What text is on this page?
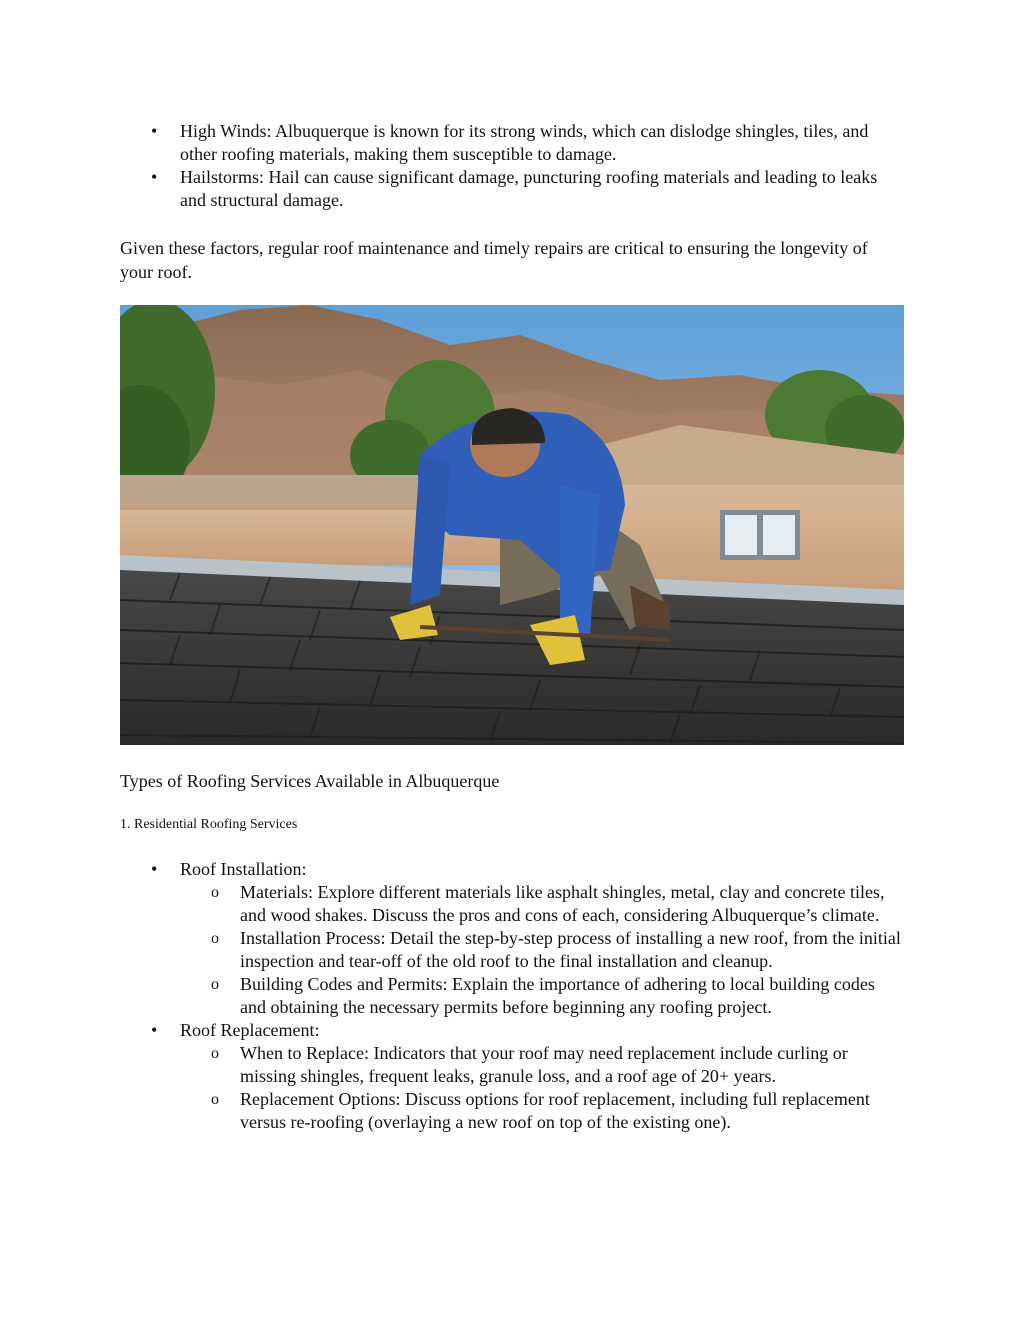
• High Winds: Albuquerque is known for its strong winds, which can dislodge shingles, tiles, and other roofing materials, making them susceptible to damage.
• Hailstorms: Hail can cause significant damage, puncturing roofing materials and leading to leaks and structural damage.

Given these factors, regular roof maintenance and timely repairs are critical to ensuring the longevity of your roof.

Types of Roofing Services Available in Albuquerque
1. Residential Roofing Services
• Roof Installation:
o Materials: Explore different materials like asphalt shingles, metal, clay and concrete tiles, and wood shakes. Discuss the pros and cons of each, considering Albuquerque’s climate.
o Installation Process: Detail the step-by-step process of installing a new roof, from the initial inspection and tear-off of the old roof to the final installation and cleanup.
o Building Codes and Permits: Explain the importance of adhering to local building codes and obtaining the necessary permits before beginning any roofing project.
• Roof Replacement:
o When to Replace: Indicators that your roof may need replacement include curling or missing shingles, frequent leaks, granule loss, and a roof age of 20+ years.
o Replacement Options: Discuss options for roof replacement, including full replacement versus re-roofing (overlaying a new roof on top of the existing one).
